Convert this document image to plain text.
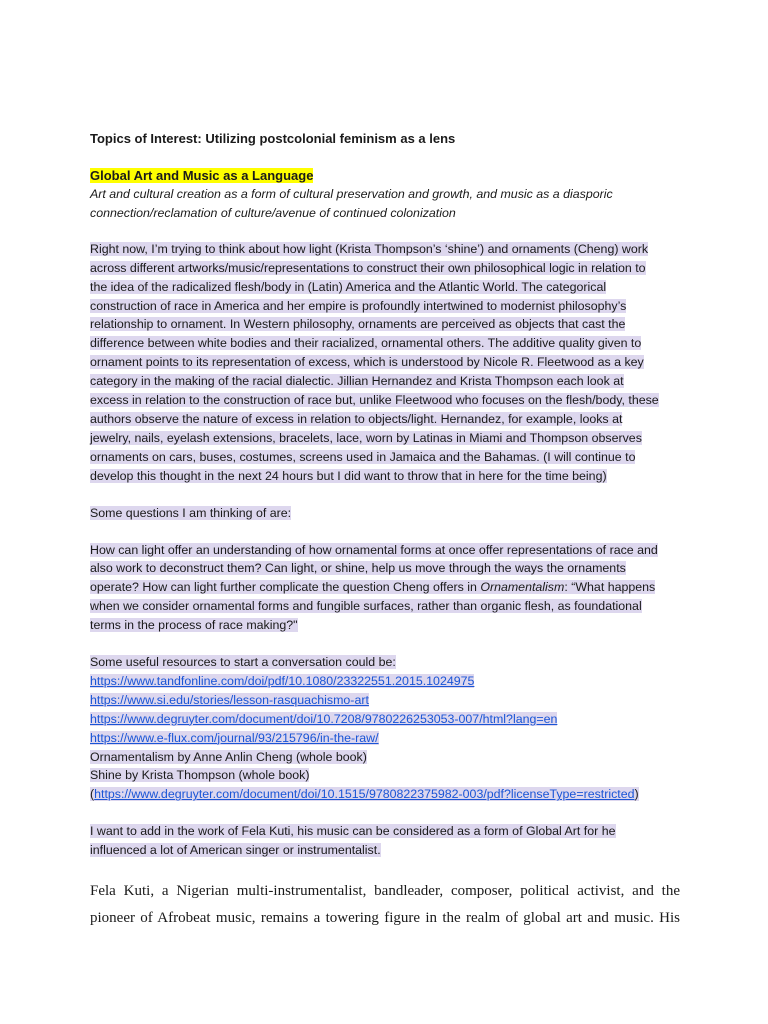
Topics of Interest: Utilizing postcolonial feminism as a lens

Global Art and Music as a Language

Art and cultural creation as a form of cultural preservation and growth, and music as a diasporic
connection/reclamation of culture/avenue of continued colonization

Right now, I’m trying to think about how light (Krista Thompson’s ‘shine’) and ornaments (Cheng) work
across different artworks/music/representations to construct their own philosophical logic in relation to
the idea of the radicalized flesh/body in (Latin) America and the Atlantic World. The categorical
construction of race in America and her empire is profoundly intertwined to modernist philosophy’s
relationship to ornament. In Western philosophy, ornaments are perceived as objects that cast the
difference between white bodies and their racialized, ornamental others. The additive quality given to
ornament points to its representation of excess, which is understood by Nicole R. Fleetwood as a key
category in the making of the racial dialectic. Jillian Hernandez and Krista Thompson each look at
excess in relation to the construction of race but, unlike Fleetwood who focuses on the flesh/body, these
authors observe the nature of excess in relation to objects/light. Hernandez, for example, looks at
jewelry, nails, eyelash extensions, bracelets, lace, worn by Latinas in Miami and Thompson observes
ornaments on cars, buses, costumes, screens used in Jamaica and the Bahamas. (I will continue to
develop this thought in the next 24 hours but I did want to throw that in here for the time being)

Some questions I am thinking of are:

How can light offer an understanding of how ornamental forms at once offer representations of race and
also work to deconstruct them? Can light, or shine, help us move through the ways the ornaments
operate? How can light further complicate the question Cheng offers in Ornamentalism: “What happens
when we consider ornamental forms and fungible surfaces, rather than organic flesh, as foundational
terms in the process of race making?"

Some useful resources to start a conversation could be:
https://www.tandfonline.com/doi/pdf/10.1080/23322551.2015.1024975
https://www.si.edu/stories/lesson-rasquachismo-art
https://www.degruyter.com/document/doi/10.7208/9780226253053-007/html?lang=en
https://www.e-flux.com/journal/93/215796/in-the-raw/
Ornamentalism by Anne Anlin Cheng (whole book)
Shine by Krista Thompson (whole book)
(https://www.degruyter.com/document/doi/10.1515/9780822375982-003/pdf?licenseType=restricted)

I want to add in the work of Fela Kuti, his music can be considered as a form of Global Art for he
influenced a lot of American singer or instrumentalist.

Fela Kuti, a Nigerian multi-instrumentalist, bandleader, composer, political activist, and the
pioneer of Afrobeat music, remains a towering figure in the realm of global art and music. His
